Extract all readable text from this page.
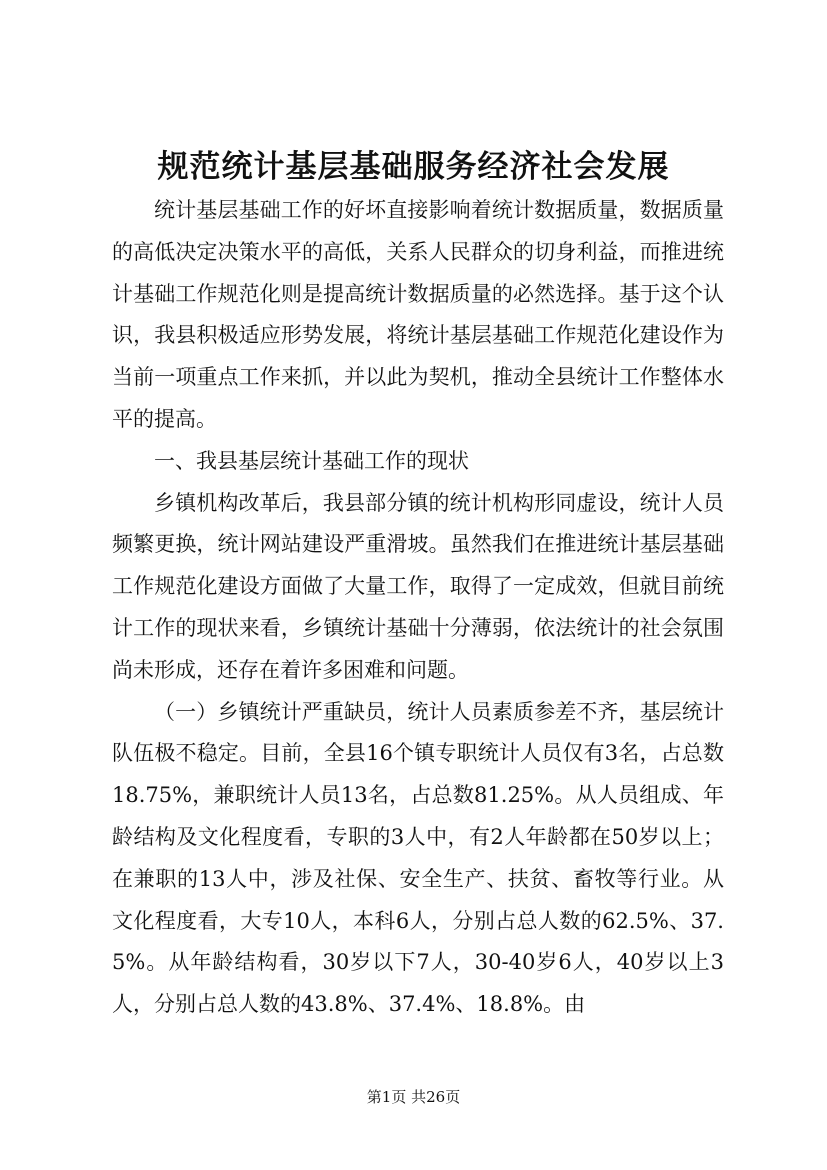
规范统计基层基础服务经济社会发展

统计基层基础工作的好坏直接影响着统计数据质量，数据质量的高低决定决策水平的高低，关系人民群众的切身利益，而推进统计基础工作规范化则是提高统计数据质量的必然选择。基于这个认识，我县积极适应形势发展，将统计基层基础工作规范化建设作为当前一项重点工作来抓，并以此为契机，推动全县统计工作整体水平的提高。

一、我县基层统计基础工作的现状

乡镇机构改革后，我县部分镇的统计机构形同虚设，统计人员频繁更换，统计网站建设严重滑坡。虽然我们在推进统计基层基础工作规范化建设方面做了大量工作，取得了一定成效，但就目前统计工作的现状来看，乡镇统计基础十分薄弱，依法统计的社会氛围尚未形成，还存在着许多困难和问题。

（一）乡镇统计严重缺员，统计人员素质参差不齐，基层统计队伍极不稳定。目前，全县16个镇专职统计人员仅有3名，占总数18.75%，兼职统计人员13名，占总数81.25%。从人员组成、年龄结构及文化程度看，专职的3人中，有2人年龄都在50岁以上；在兼职的13人中，涉及社保、安全生产、扶贫、畜牧等行业。从文化程度看，大专10人，本科6人，分别占总人数的62.5%、37.5%。从年龄结构看，30岁以下7人，30-40岁6人，40岁以上3人，分别占总人数的43.8%、37.4%、18.8%。由

第1页 共26页
